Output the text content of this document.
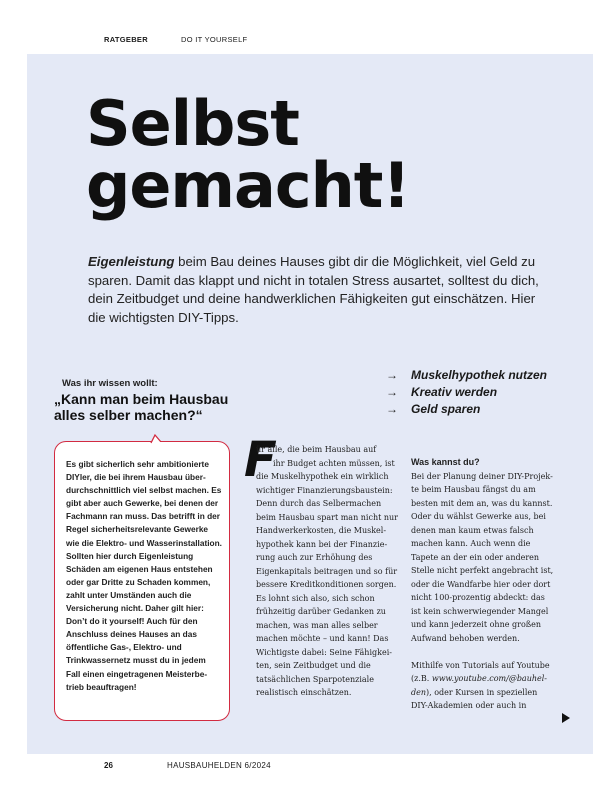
RATGEBER	DO IT YOURSELF
Selbst gemacht!
Eigenleistung beim Bau deines Hauses gibt dir die Möglichkeit, viel Geld zu sparen. Damit das klappt und nicht in totalen Stress ausartet, solltest du dich, dein Zeitbudget und deine handwerklichen Fähigkeiten gut einschätzen. Hier die wichtigsten DIY-Tipps.
Was ihr wissen wollt:
„Kann man beim Hausbau alles selber machen?“
→	Muskelhypothek nutzen
→	Kreativ werden
→	Geld sparen
Es gibt sicherlich sehr ambitionierte DIYler, die bei ihrem Hausbau überdurchschnittlich viel selbst machen. Es gibt aber auch Gewerke, bei denen der Fachmann ran muss. Das betrifft in der Regel sicherheitsrelevante Gewerke wie die Elektro- und Wasserinstallation. Sollten hier durch Eigenleistung Schäden am eigenen Haus entstehen oder gar Dritte zu Schaden kommen, zahlt unter Umständen auch die Versicherung nicht. Daher gilt hier: Don’t do it yourself! Auch für den Anschluss deines Hauses an das öffentliche Gas-, Elektro- und Trinkwassernetz musst du in jedem Fall einen eingetragenen Meisterbetrieb beauftragen!
F
ür alle, die beim Hausbau auf
ihr Budget achten müssen, ist
die Muskelhypothek ein wirklich
wichtiger Finanzierungsbaustein:
Denn durch das Selbermachen
beim Hausbau spart man nicht nur
Handwerkerkosten, die Muskel-
hypothek kann bei der Finanzie-
rung auch zur Erhöhung des
Eigenkapitals beitragen und so für
bessere Kreditkonditionen sorgen.
Es lohnt sich also, sich schon
frühzeitig darüber Gedanken zu
machen, was man alles selber
machen möchte – und kann! Das
Wichtigste dabei: Seine Fähigkei-
ten, sein Zeitbudget und die
tatsächlichen Sparpotenziale
realistisch einschätzen.
Was kannst du?
Bei der Planung deiner DIY-Projek-
te beim Hausbau fängst du am
besten mit dem an, was du kannst.
Oder du wählst Gewerke aus, bei
denen man kaum etwas falsch
machen kann. Auch wenn die
Tapete an der ein oder anderen
Stelle nicht perfekt angebracht ist,
oder die Wandfarbe hier oder dort
nicht 100-prozentig abdeckt: das
ist kein schwerwiegender Mangel
und kann jederzeit ohne großen
Aufwand behoben werden.
Mithilfe von Tutorials auf Youtube
(z.B. www.youtube.com/@bauhel-
den), oder Kursen in speziellen
DIY-Akademien oder auch in
26	HAUSBAUHELDEN 6/2024
